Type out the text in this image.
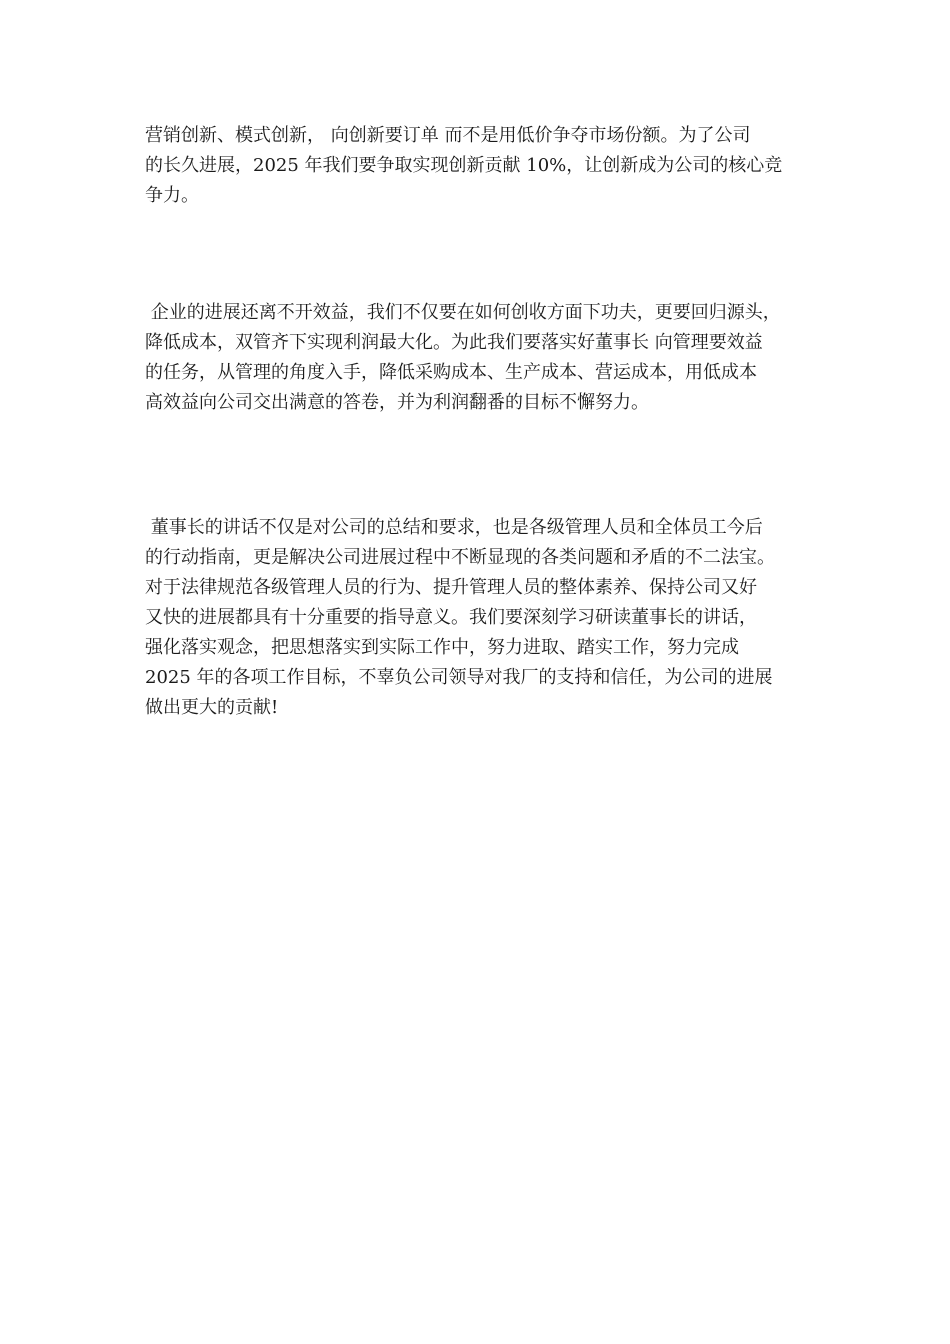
营销创新、模式创新， 向创新要订单 而不是用低价争夺市场份额。为了公司
的长久进展，2025 年我们要争取实现创新贡献 10%，让创新成为公司的核心竞
争力。
企业的进展还离不开效益，我们不仅要在如何创收方面下功夫，更要回归源头，
降低成本，双管齐下实现利润最大化。为此我们要落实好董事长 向管理要效益
的任务，从管理的角度入手，降低采购成本、生产成本、营运成本，用低成本
高效益向公司交出满意的答卷，并为利润翻番的目标不懈努力。
董事长的讲话不仅是对公司的总结和要求，也是各级管理人员和全体员工今后
的行动指南，更是解决公司进展过程中不断显现的各类问题和矛盾的不二法宝。
对于法律规范各级管理人员的行为、提升管理人员的整体素养、保持公司又好
又快的进展都具有十分重要的指导意义。我们要深刻学习研读董事长的讲话，
强化落实观念，把思想落实到实际工作中，努力进取、踏实工作，努力完成
2025 年的各项工作目标，不辜负公司领导对我厂的支持和信任，为公司的进展
做出更大的贡献!
